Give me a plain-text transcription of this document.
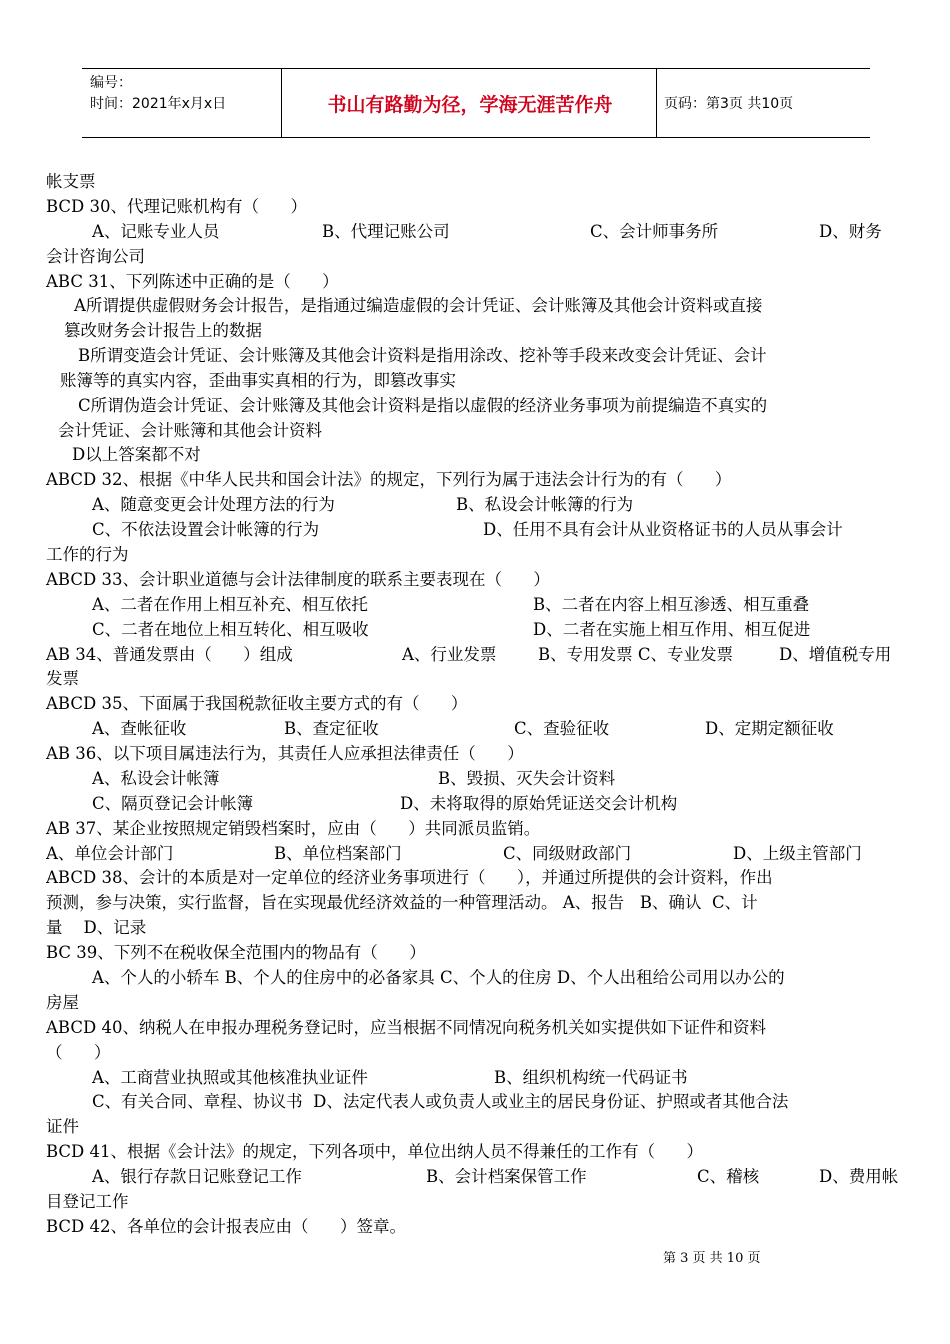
编号：
时间：2021年x月x日	书山有路勤为径，学海无涯苦作舟	页码：第3页 共10页
帐支票
BCD 30、代理记账机构有（      ）
A、记账专业人员	B、代理记账公司	C、会计师事务所	D、财务
会计咨询公司
ABC 31、下列陈述中正确的是（      ）
A所谓提供虚假财务会计报告，是指通过编造虚假的会计凭证、会计账簿及其他会计资料或直接
篡改财务会计报告上的数据
B所谓变造会计凭证、会计账簿及其他会计资料是指用涂改、挖补等手段来改变会计凭证、会计
账簿等的真实内容，歪曲事实真相的行为，即篡改事实
C所谓伪造会计凭证、会计账簿及其他会计资料是指以虚假的经济业务事项为前提编造不真实的
会计凭证、会计账簿和其他会计资料
D以上答案都不对
ABCD 32、根据《中华人民共和国会计法》的规定，下列行为属于违法会计行为的有（      ）
A、随意变更会计处理方法的行为	B、私设会计帐簿的行为
C、不依法设置会计帐簿的行为	D、任用不具有会计从业资格证书的人员从事会计
工作的行为
ABCD 33、会计职业道德与会计法律制度的联系主要表现在（      ）
A、二者在作用上相互补充、相互依托	B、二者在内容上相互渗透、相互重叠
C、二者在地位上相互转化、相互吸收	D、二者在实施上相互作用、相互促进
AB 34、普通发票由（      ）组成	A、行业发票	B、专用发票 C、专业发票	D、增值税专用
发票
ABCD 35、下面属于我国税款征收主要方式的有（      ）
A、查帐征收	B、查定征收	C、查验征收	D、定期定额征收
AB 36、以下项目属违法行为，其责任人应承担法律责任（      ）
A、私设会计帐簿	B、毁损、灭失会计资料
C、隔页登记会计帐簿	D、未将取得的原始凭证送交会计机构
AB 37、某企业按照规定销毁档案时，应由（      ）共同派员监销。
A、单位会计部门	B、单位档案部门	C、同级财政部门	D、上级主管部门
ABCD 38、会计的本质是对一定单位的经济业务事项进行（      ），并通过所提供的会计资料，作出
预测，参与决策，实行监督，旨在实现最优经济效益的一种管理活动。 A、报告   B、确认  C、计
量    D、记录
BC 39、下列不在税收保全范围内的物品有（      ）
A、个人的小轿车 B、个人的住房中的必备家具 C、个人的住房 D、个人出租给公司用以办公的
房屋
ABCD 40、纳税人在申报办理税务登记时，应当根据不同情况向税务机关如实提供如下证件和资料
（      ）
A、工商营业执照或其他核准执业证件	B、组织机构统一代码证书
C、有关合同、章程、协议书  D、法定代表人或负责人或业主的居民身份证、护照或者其他合法
证件
BCD 41、根据《会计法》的规定，下列各项中，单位出纳人员不得兼任的工作有（      ）
A、银行存款日记账登记工作	B、会计档案保管工作	C、稽核	D、费用帐
目登记工作
BCD 42、各单位的会计报表应由（      ）签章。
第 3 页 共 10 页
